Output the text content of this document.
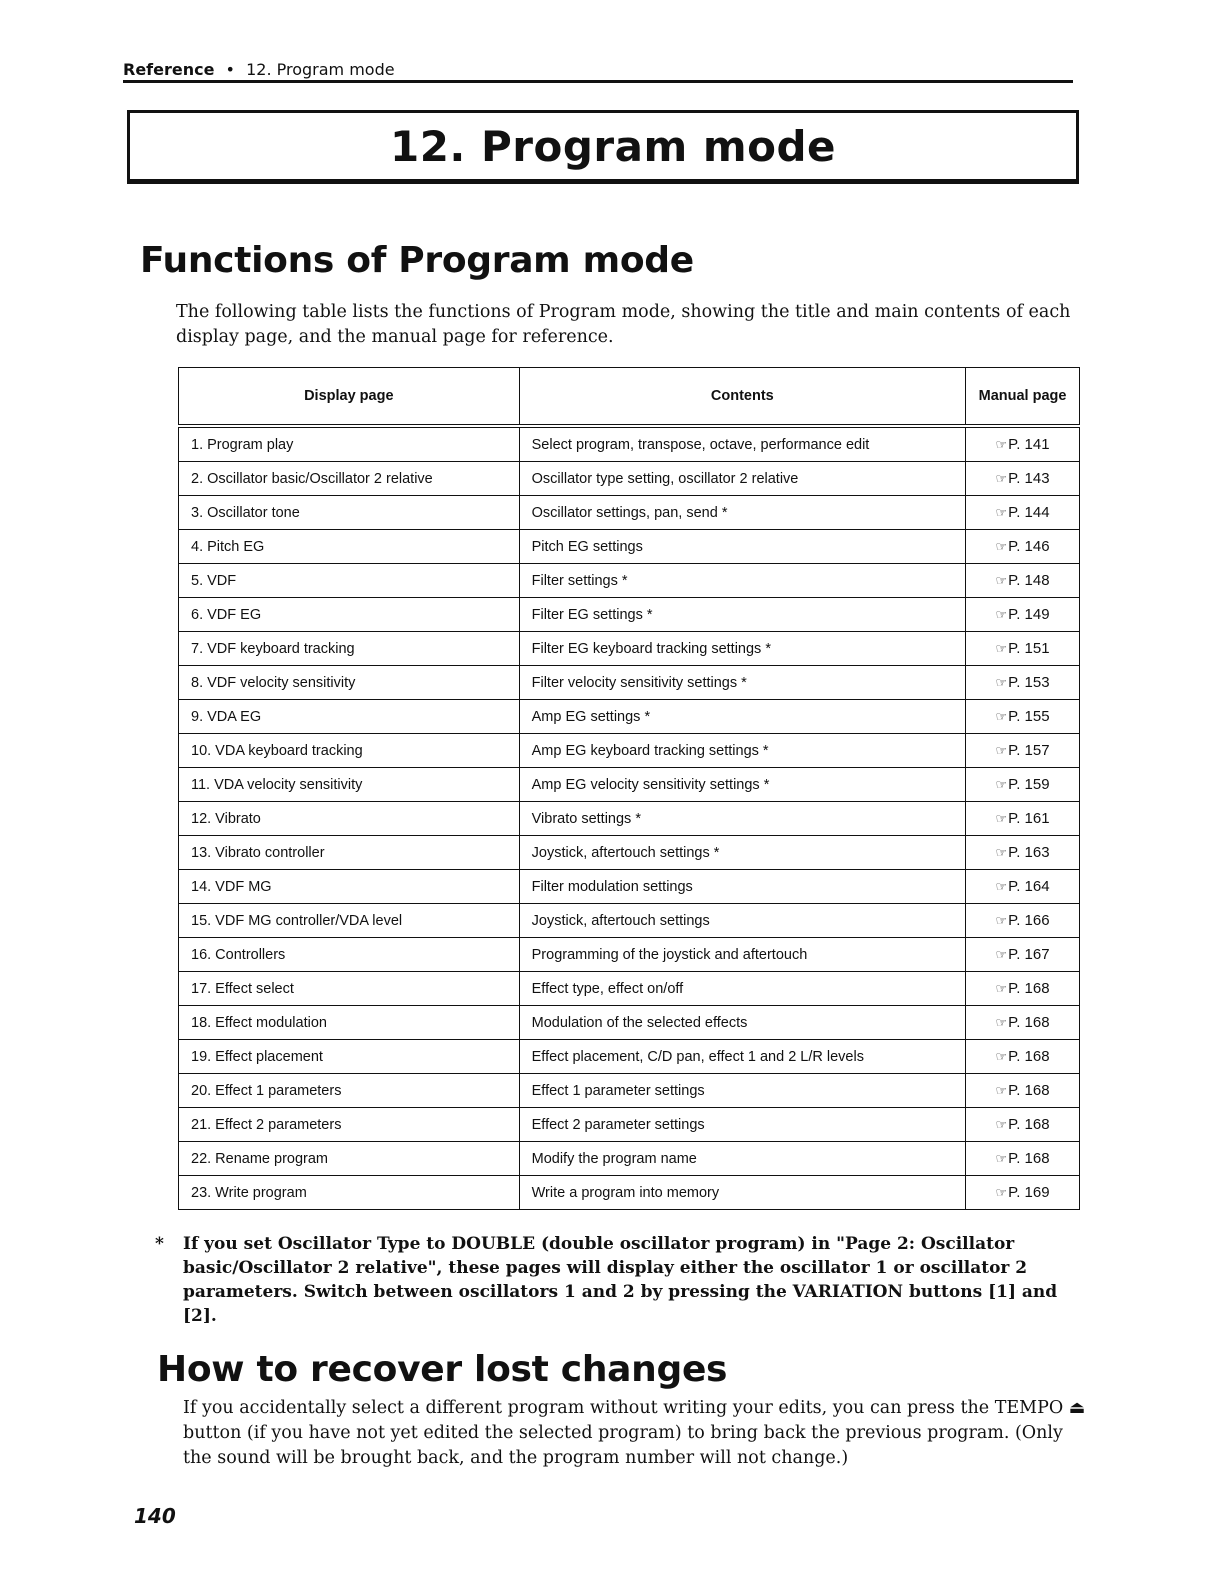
Reference • 12. Program mode
12. Program mode
Functions of Program mode
The following table lists the functions of Program mode, showing the title and main contents of each display page, and the manual page for reference.
Display page	Contents	Manual page
1. Program play	Select program, transpose, octave, performance edit	☞P. 141
2. Oscillator basic/Oscillator 2 relative	Oscillator type setting, oscillator 2 relative	☞P. 143
3. Oscillator tone	Oscillator settings, pan, send *	☞P. 144
4. Pitch EG	Pitch EG settings	☞P. 146
5. VDF	Filter settings *	☞P. 148
6. VDF EG	Filter EG settings *	☞P. 149
7. VDF keyboard tracking	Filter EG keyboard tracking settings *	☞P. 151
8. VDF velocity sensitivity	Filter velocity sensitivity settings *	☞P. 153
9. VDA EG	Amp EG settings *	☞P. 155
10. VDA keyboard tracking	Amp EG keyboard tracking settings *	☞P. 157
11. VDA velocity sensitivity	Amp EG velocity sensitivity settings *	☞P. 159
12. Vibrato	Vibrato settings *	☞P. 161
13. Vibrato controller	Joystick, aftertouch settings *	☞P. 163
14. VDF MG	Filter modulation settings	☞P. 164
15. VDF MG controller/VDA level	Joystick, aftertouch settings	☞P. 166
16. Controllers	Programming of the joystick and aftertouch	☞P. 167
17. Effect select	Effect type, effect on/off	☞P. 168
18. Effect modulation	Modulation of the selected effects	☞P. 168
19. Effect placement	Effect placement, C/D pan, effect 1 and 2 L/R levels	☞P. 168
20. Effect 1 parameters	Effect 1 parameter settings	☞P. 168
21. Effect 2 parameters	Effect 2 parameter settings	☞P. 168
22. Rename program	Modify the program name	☞P. 168
23. Write program	Write a program into memory	☞P. 169
* If you set Oscillator Type to DOUBLE (double oscillator program) in "Page 2: Oscillator basic/Oscillator 2 relative", these pages will display either the oscillator 1 or oscillator 2 parameters. Switch between oscillators 1 and 2 by pressing the VARIATION buttons [1] and [2].
How to recover lost changes
If you accidentally select a different program without writing your edits, you can press the TEMPO ⏏ button (if you have not yet edited the selected program) to bring back the previous program. (Only the sound will be brought back, and the program number will not change.)
140
